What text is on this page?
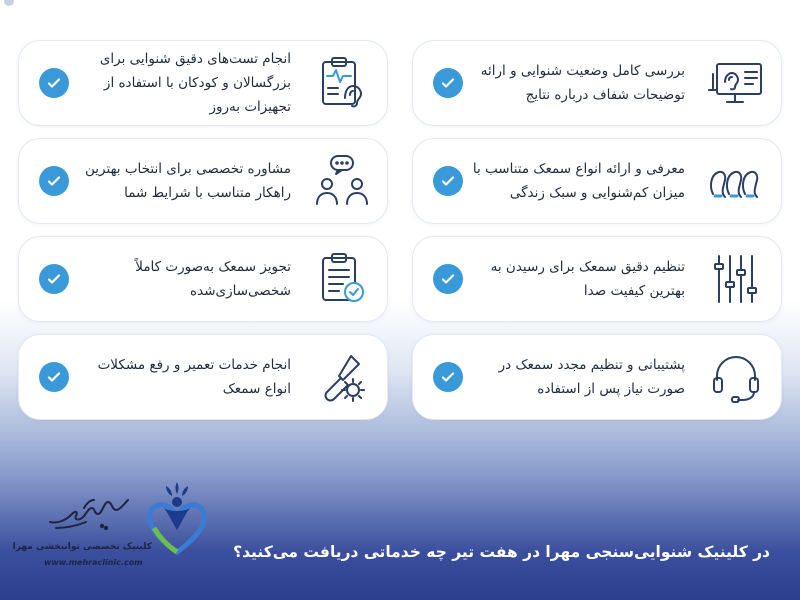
بررسی کامل وضعیت شنوایی و ارائه توضیحات شفاف درباره نتایج
انجام تست‌های دقیق شنوایی برای بزرگسالان و کودکان با استفاده از تجهیزات به‌روز
معرفی و ارائه انواع سمعک متناسب با میزان کم‌شنوایی و سبک زندگی
مشاوره تخصصی برای انتخاب بهترین راهکار متناسب با شرایط شما
تنظیم دقیق سمعک برای رسیدن به بهترین کیفیت صدا
تجویز سمعک به‌صورت کاملاً شخصی‌سازی‌شده
پشتیبانی و تنظیم مجدد سمعک در صورت نیاز پس از استفاده
انجام خدمات تعمیر و رفع مشکلات انواع سمعک
در کلینیک شنوایی‌سنجی مهرا در هفت تیر چه خدماتی دریافت می‌کنید؟
کلینیک تخصصی توانبخشی مهرا
www.mehraclinic.com
